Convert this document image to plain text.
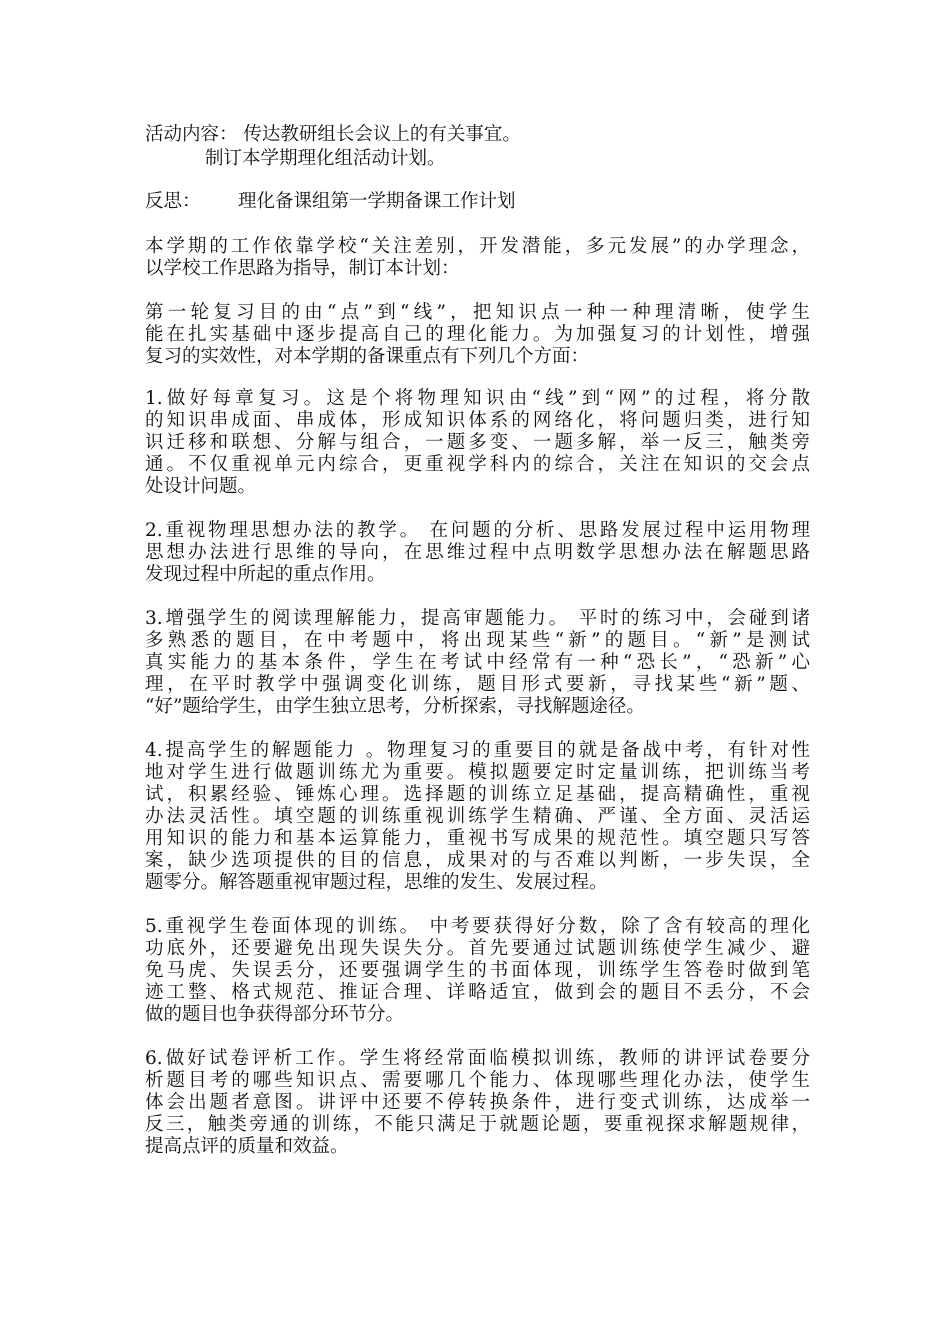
活动内容： 传达教研组长会议上的有关事宜。
制订本学期理化组活动计划。
反思：	理化备课组第一学期备课工作计划
本学期的工作依靠学校“关注差别，开发潜能，多元发展”的办学理念，
以学校工作思路为指导，制订本计划：
第一轮复习目的由“点”到“线”，把知识点一种一种理清晰，使学生
能在扎实基础中逐步提高自己的理化能力。为加强复习的计划性，增强
复习的实效性，对本学期的备课重点有下列几个方面：
1.做好每章复习。这是个将物理知识由“线”到“网”的过程，将分散
的知识串成面、串成体，形成知识体系的网络化，将问题归类，进行知
识迁移和联想、分解与组合，一题多变、一题多解，举一反三，触类旁
通。不仅重视单元内综合，更重视学科内的综合，关注在知识的交会点
处设计问题。
2.重视物理思想办法的教学。 在问题的分析、思路发展过程中运用物理
思想办法进行思维的导向，在思维过程中点明数学思想办法在解题思路
发现过程中所起的重点作用。
3.增强学生的阅读理解能力，提高审题能力。 平时的练习中，会碰到诸
多熟悉的题目，在中考题中，将出现某些“新”的题目。“新”是测试
真实能力的基本条件，学生在考试中经常有一种“恐长”，“恐新”心
理，在平时教学中强调变化训练，题目形式要新，寻找某些“新”题、
“好”题给学生，由学生独立思考，分析探索，寻找解题途径。
4.提高学生的解题能力 。物理复习的重要目的就是备战中考，有针对性
地对学生进行做题训练尤为重要。模拟题要定时定量训练，把训练当考
试，积累经验、锤炼心理。选择题的训练立足基础，提高精确性，重视
办法灵活性。填空题的训练重视训练学生精确、严谨、全方面、灵活运
用知识的能力和基本运算能力，重视书写成果的规范性。填空题只写答
案，缺少选项提供的目的信息，成果对的与否难以判断，一步失误，全
题零分。解答题重视审题过程，思维的发生、发展过程。
5.重视学生卷面体现的训练。 中考要获得好分数，除了含有较高的理化
功底外，还要避免出现失误失分。首先要通过试题训练使学生减少、避
免马虎、失误丢分，还要强调学生的书面体现，训练学生答卷时做到笔
迹工整、格式规范、推证合理、详略适宜，做到会的题目不丢分，不会
做的题目也争获得部分环节分。
6.做好试卷评析工作。学生将经常面临模拟训练，教师的讲评试卷要分
析题目考的哪些知识点、需要哪几个能力、体现哪些理化办法，使学生
体会出题者意图。讲评中还要不停转换条件，进行变式训练，达成举一
反三，触类旁通的训练，不能只满足于就题论题，要重视探求解题规律，
提高点评的质量和效益。
